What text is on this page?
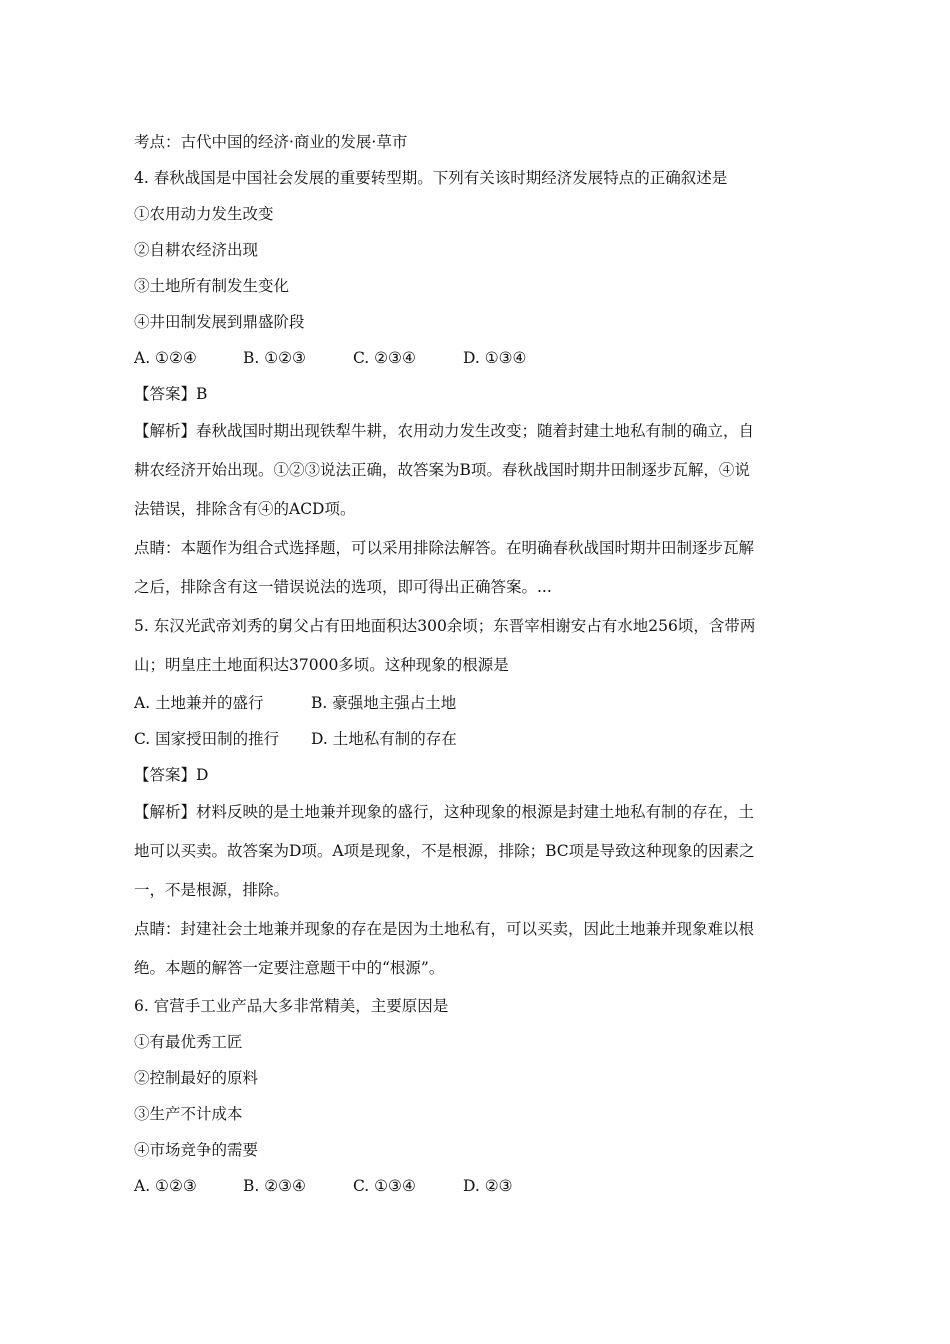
考点：古代中国的经济·商业的发展·草市
4. 春秋战国是中国社会发展的重要转型期。下列有关该时期经济发展特点的正确叙述是
①农用动力发生改变
②自耕农经济出现
③土地所有制发生变化
④井田制发展到鼎盛阶段
A. ①②④	B. ①②③	C. ②③④	D. ①③④
【答案】B
【解析】春秋战国时期出现铁犁牛耕，农用动力发生改变；随着封建土地私有制的确立，自
耕农经济开始出现。①②③说法正确，故答案为B项。春秋战国时期井田制逐步瓦解，④说
法错误，排除含有④的ACD项。
点睛：本题作为组合式选择题，可以采用排除法解答。在明确春秋战国时期井田制逐步瓦解
之后，排除含有这一错误说法的选项，即可得出正确答案。...
5. 东汉光武帝刘秀的舅父占有田地面积达300余顷；东晋宰相谢安占有水地256顷，含带两
山；明皇庄土地面积达37000多顷。这种现象的根源是
A. 土地兼并的盛行	B. 豪强地主强占土地
C. 国家授田制的推行	D. 土地私有制的存在
【答案】D
【解析】材料反映的是土地兼并现象的盛行，这种现象的根源是封建土地私有制的存在，土
地可以买卖。故答案为D项。A项是现象，不是根源，排除；BC项是导致这种现象的因素之
一，不是根源，排除。
点睛：封建社会土地兼并现象的存在是因为土地私有，可以买卖，因此土地兼并现象难以根
绝。本题的解答一定要注意题干中的“根源”。
6. 官营手工业产品大多非常精美，主要原因是
①有最优秀工匠
②控制最好的原料
③生产不计成本
④市场竞争的需要
A. ①②③	B. ②③④	C. ①③④	D. ②③
